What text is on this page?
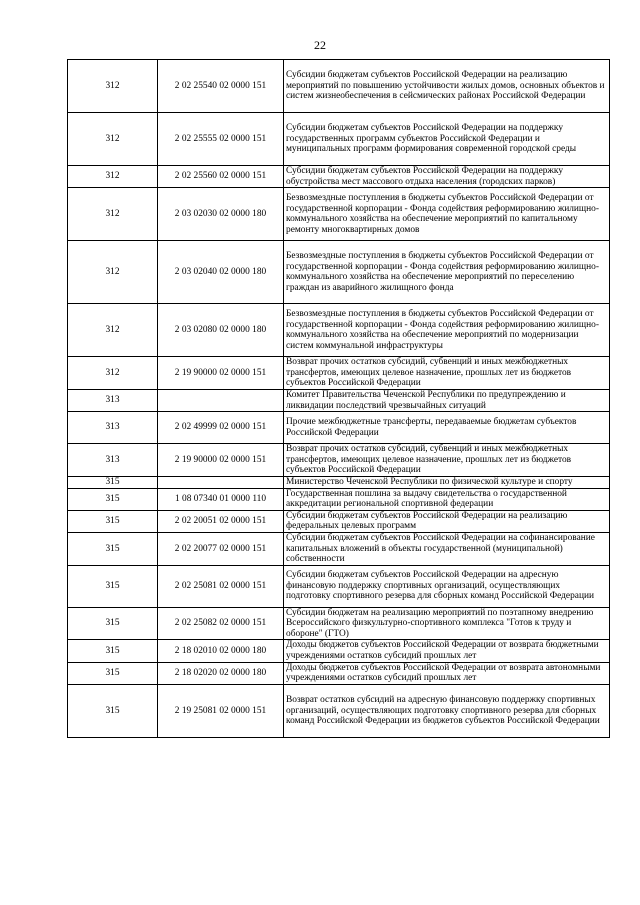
22
312	2 02 25540 02 0000 151	Субсидии бюджетам субъектов Российской Федерации на реализацию мероприятий по повышению устойчивости жилых домов, основных объектов и систем жизнеобеспечения в сейсмических районах Российской Федерации
312	2 02 25555 02 0000 151	Субсидии бюджетам субъектов Российской Федерации на поддержку государственных программ субъектов Российской Федерации и муниципальных программ формирования современной городской среды
312	2 02 25560 02 0000 151	Субсидии бюджетам субъектов Российской Федерации на поддержку обустройства мест массового отдыха населения (городских парков)
312	2 03 02030 02 0000 180	Безвозмездные поступления в бюджеты субъектов Российской Федерации от государственной корпорации - Фонда содействия реформированию жилищно-коммунального хозяйства на обеспечение мероприятий по капитальному ремонту многоквартирных домов
312	2 03 02040 02 0000 180	Безвозмездные поступления в бюджеты субъектов Российской Федерации от государственной корпорации - Фонда содействия реформированию жилищно-коммунального хозяйства на обеспечение мероприятий по переселению граждан из аварийного жилищного фонда
312	2 03 02080 02 0000 180	Безвозмездные поступления в бюджеты субъектов Российской Федерации от государственной корпорации - Фонда содействия реформированию жилищно-коммунального хозяйства на обеспечение мероприятий по модернизации систем коммунальной инфраструктуры
312	2 19 90000 02 0000 151	Возврат прочих остатков субсидий, субвенций и иных межбюджетных трансфертов, имеющих целевое назначение, прошлых лет из бюджетов субъектов Российской Федерации
313		Комитет Правительства Чеченской Республики по предупреждению и ликвидации последствий чрезвычайных ситуаций
313	2 02 49999 02 0000 151	Прочие межбюджетные трансферты, передаваемые бюджетам субъектов Российской Федерации
313	2 19 90000 02 0000 151	Возврат прочих остатков субсидий, субвенций и иных межбюджетных трансфертов, имеющих целевое назначение, прошлых лет из бюджетов субъектов Российской Федерации
315		Министерство Чеченской Республики по физической культуре и спорту
315	1 08 07340 01 0000 110	Государственная пошлина за выдачу свидетельства о государственной аккредитации региональной спортивной федерации
315	2 02 20051 02 0000 151	Субсидии бюджетам субъектов Российской Федерации на реализацию федеральных целевых программ
315	2 02 20077 02 0000 151	Субсидии бюджетам субъектов Российской Федерации на софинансирование капитальных вложений в объекты государственной (муниципальной) собственности
315	2 02 25081 02 0000 151	Субсидии бюджетам субъектов Российской Федерации на адресную финансовую поддержку спортивных организаций, осуществляющих подготовку спортивного резерва для сборных команд Российской Федерации
315	2 02 25082 02 0000 151	Субсидии бюджетам на реализацию мероприятий по поэтапному внедрению Всероссийского физкультурно-спортивного комплекса "Готов к труду и обороне" (ГТО)
315	2 18 02010 02 0000 180	Доходы бюджетов субъектов Российской Федерации от возврата бюджетными учреждениями остатков субсидий прошлых лет
315	2 18 02020 02 0000 180	Доходы бюджетов субъектов Российской Федерации от возврата автономными учреждениями остатков субсидий прошлых лет
315	2 19 25081 02 0000 151	Возврат остатков субсидий на адресную финансовую поддержку спортивных организаций, осуществляющих подготовку спортивного резерва для сборных команд Российской Федерации из бюджетов субъектов Российской Федерации
